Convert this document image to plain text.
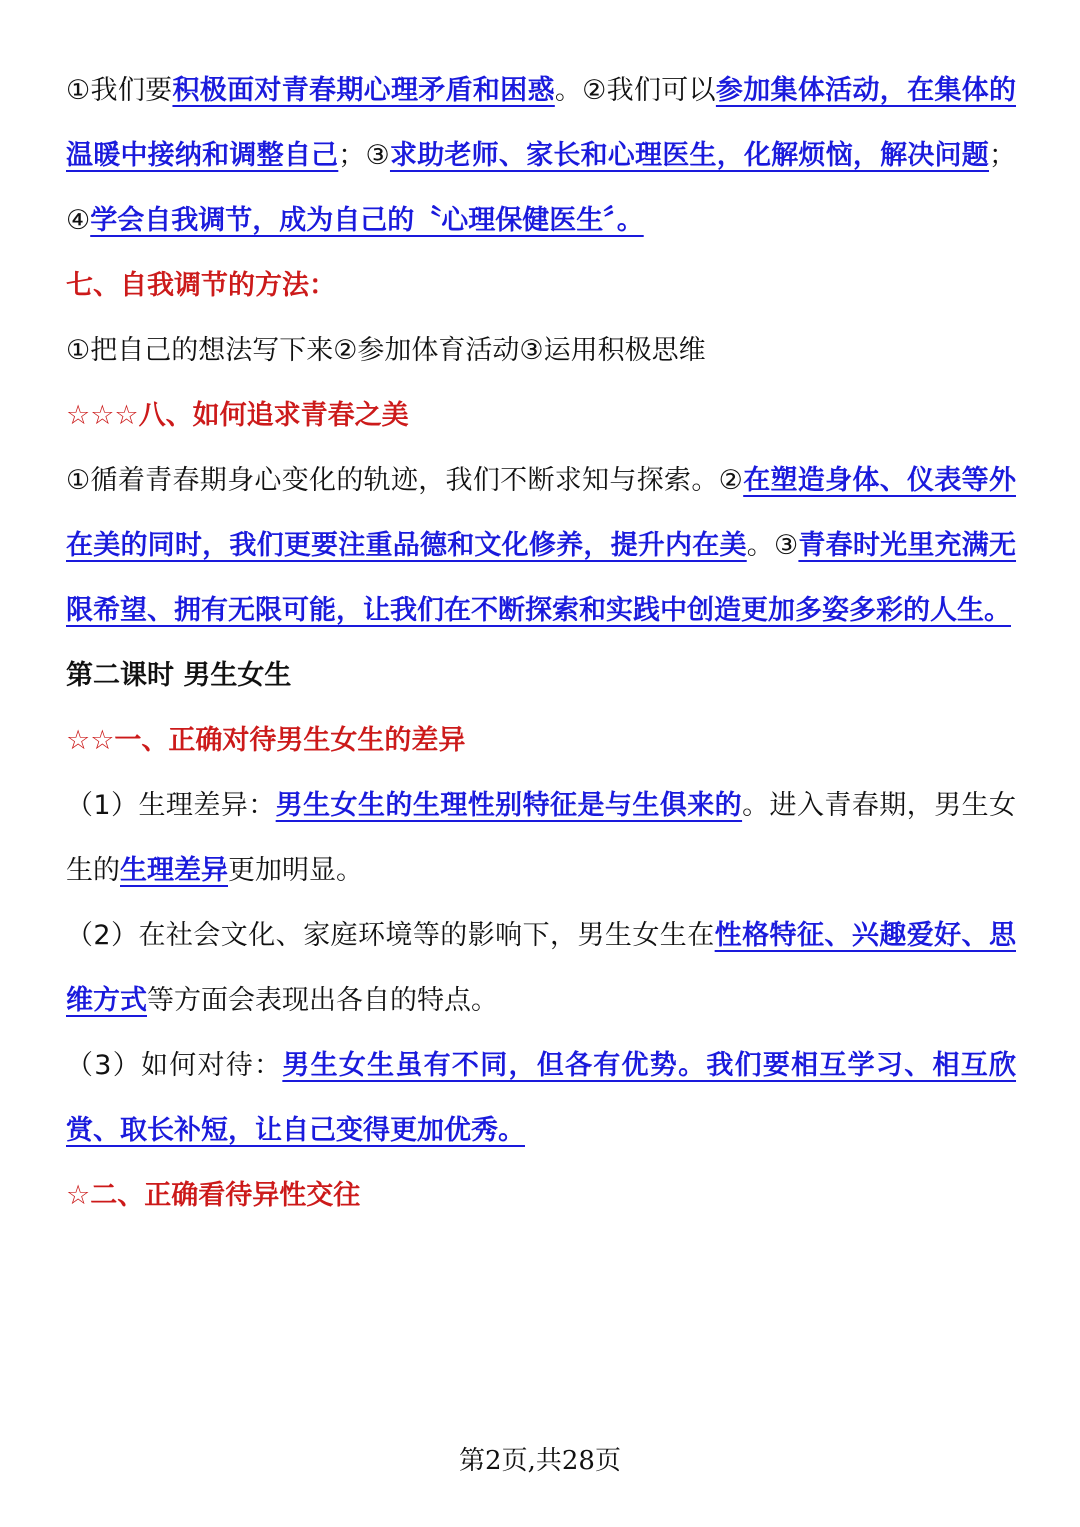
①我们要积极面对青春期心理矛盾和困惑。②我们可以参加集体活动，在集体的温暖中接纳和调整自己；③求助老师、家长和心理医生，化解烦恼，解决问题；④学会自我调节，成为自己的〝心理保健医生〞。

七、自我调节的方法：

①把自己的想法写下来②参加体育活动③运用积极思维

☆☆☆八、如何追求青春之美

①循着青春期身心变化的轨迹，我们不断求知与探索。②在塑造身体、仪表等外在美的同时，我们更要注重品德和文化修养，提升内在美。③青春时光里充满无限希望、拥有无限可能，让我们在不断探索和实践中创造更加多姿多彩的人生。

第二课时 男生女生

☆☆一、正确对待男生女生的差异

（1）生理差异：男生女生的生理性别特征是与生俱来的。进入青春期，男生女生的生理差异更加明显。

（2）在社会文化、家庭环境等的影响下，男生女生在性格特征、兴趣爱好、思维方式等方面会表现出各自的特点。

（3）如何对待：男生女生虽有不同，但各有优势。我们要相互学习、相互欣赏、取长补短，让自己变得更加优秀。

☆二、正确看待异性交往

第2页,共28页
